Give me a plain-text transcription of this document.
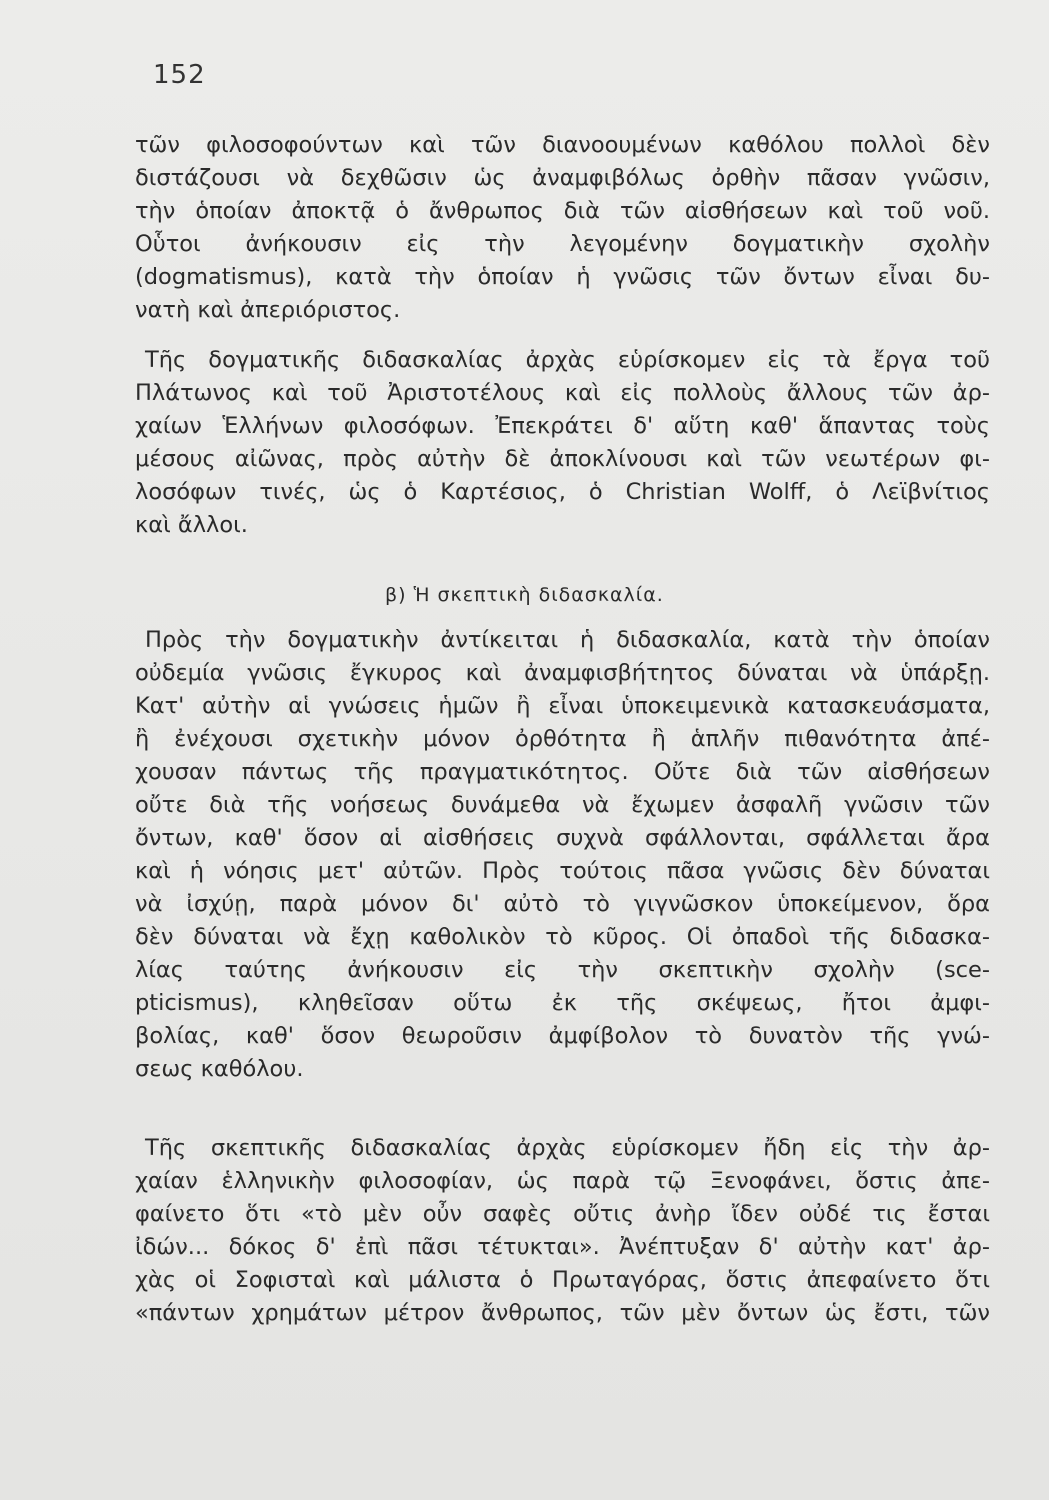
152
τῶν φιλοσοφούντων καὶ τῶν διανοουμένων καθόλου πολλοὶ δὲν
διστάζουσι νὰ δεχθῶσιν ὡς ἀναμφιβόλως ὀρθὴν πᾶσαν γνῶσιν,
τὴν ὁποίαν ἀποκτᾷ ὁ ἄνθρωπος διὰ τῶν αἰσθήσεων καὶ τοῦ νοῦ.
Οὗτοι ἀνήκουσιν εἰς τὴν λεγομένην δογματικὴν σχολὴν
(dogmatismus), κατὰ τὴν ὁποίαν ἡ γνῶσις τῶν ὄντων εἶναι δυ-
νατὴ καὶ ἀπεριόριστος.
Τῆς δογματικῆς διδασκαλίας ἀρχὰς εὑρίσκομεν εἰς τὰ ἔργα τοῦ
Πλάτωνος καὶ τοῦ Ἀριστοτέλους καὶ εἰς πολλοὺς ἄλλους τῶν ἀρ-
χαίων Ἑλλήνων φιλοσόφων. Ἐπεκράτει δ' αὕτη καθ' ἅπαντας τοὺς
μέσους αἰῶνας, πρὸς αὐτὴν δὲ ἀποκλίνουσι καὶ τῶν νεωτέρων φι-
λοσόφων τινές, ὡς ὁ Καρτέσιος, ὁ Christian Wolff, ὁ Λεϊβνίτιος
καὶ ἄλλοι.
β) Ἡ σκεπτικὴ διδασκαλία.
Πρὸς τὴν δογματικὴν ἀντίκειται ἡ διδασκαλία, κατὰ τὴν ὁποίαν
οὐδεμία γνῶσις ἔγκυρος καὶ ἀναμφισβήτητος δύναται νὰ ὑπάρξῃ.
Κατ' αὐτὴν αἱ γνώσεις ἡμῶν ἢ εἶναι ὑποκειμενικὰ κατασκευάσματα,
ἢ ἐνέχουσι σχετικὴν μόνον ὀρθότητα ἢ ἁπλῆν πιθανότητα ἀπέ-
χουσαν πάντως τῆς πραγματικότητος. Οὔτε διὰ τῶν αἰσθήσεων
οὔτε διὰ τῆς νοήσεως δυνάμεθα νὰ ἔχωμεν ἀσφαλῆ γνῶσιν τῶν
ὄντων, καθ' ὅσον αἱ αἰσθήσεις συχνὰ σφάλλονται, σφάλλεται ἄρα
καὶ ἡ νόησις μετ' αὐτῶν. Πρὸς τούτοις πᾶσα γνῶσις δὲν δύναται
νὰ ἰσχύῃ, παρὰ μόνον δι' αὐτὸ τὸ γιγνῶσκον ὑποκείμενον, ὅρα
δὲν δύναται νὰ ἔχῃ καθολικὸν τὸ κῦρος. Οἱ ὀπαδοὶ τῆς διδασκα-
λίας ταύτης ἀνήκουσιν εἰς τὴν σκεπτικὴν σχολὴν (sce-
pticismus), κληθεῖσαν οὕτω ἐκ τῆς σκέψεως, ἤτοι ἀμφι-
βολίας, καθ' ὅσον θεωροῦσιν ἀμφίβολον τὸ δυνατὸν τῆς γνώ-
σεως καθόλου.
Τῆς σκεπτικῆς διδασκαλίας ἀρχὰς εὑρίσκομεν ἤδη εἰς τὴν ἀρ-
χαίαν ἑλληνικὴν φιλοσοφίαν, ὡς παρὰ τῷ Ξενοφάνει, ὅστις ἀπε-
φαίνετο ὅτι «τὸ μὲν οὖν σαφὲς οὔτις ἀνὴρ ἴδεν οὐδέ τις ἔσται
ἰδών... δόκος δ' ἐπὶ πᾶσι τέτυκται». Ἀνέπτυξαν δ' αὐτὴν κατ' ἀρ-
χὰς οἱ Σοφισταὶ καὶ μάλιστα ὁ Πρωταγόρας, ὅστις ἀπεφαίνετο ὅτι
«πάντων χρημάτων μέτρον ἄνθρωπος, τῶν μὲν ὄντων ὡς ἔστι, τῶν
